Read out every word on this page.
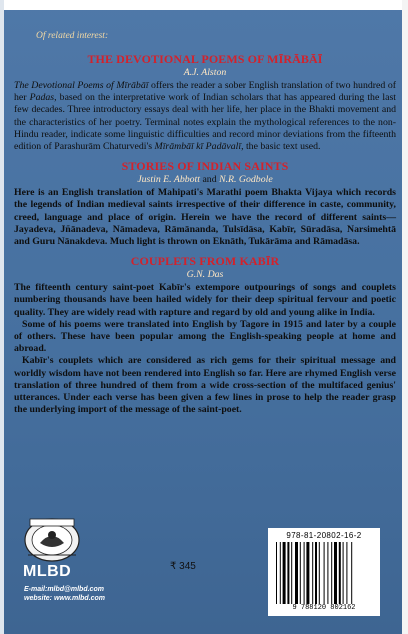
Of related interest:
THE DEVOTIONAL POEMS OF MĪRĀBĀĪ
A.J. Alston

The Devotional Poems of Mīrābāī offers the reader a sober English translation of two hundred of her Padas, based on the interpretative work of Indian scholars that has appeared during the last few decades. Three introductory essays deal with her life, her place in the Bhakti movement and the characteristics of her poetry. Terminal notes explain the mythological references to the non-Hindu reader, indicate some linguistic difficulties and record minor deviations from the fifteenth edition of Parashurām Chaturvedi's Mīrāmbāī kī Padāvalī, the basic text used.

STORIES OF INDIAN SAINTS
Justin E. Abbott and N.R. Godbole

Here is an English translation of Mahipati's Marathi poem Bhakta Vijaya which records the legends of Indian medieval saints irrespective of their difference in caste, community, creed, language and place of origin. Herein we have the record of different saints—Jayadeva, Jñānadeva, Nāmadeva, Rāmānanda, Tulsīdāsa, Kabīr, Sūradāsa, Narsimehtā and Guru Nānakdeva. Much light is thrown on Eknāth, Tukārāma and Rāmadāsa.

COUPLETS FROM KABĪR
G.N. Das

The fifteenth century saint-poet Kabīr's extempore outpourings of songs and couplets numbering thousands have been hailed widely for their deep spiritual fervour and poetic quality. They are widely read with rapture and regard by old and young alike in India.

Some of his poems were translated into English by Tagore in 1915 and later by a couple of others. These have been popular among the English-speaking people at home and abroad.

Kabīr's couplets which are considered as rich gems for their spiritual message and worldly wisdom have not been rendered into English so far. Here are rhymed English verse translation of three hundred of them from a wide cross-section of the multifaced genius' utterances. Under each verse has been given a few lines in prose to help the reader grasp the underlying import of the message of the saint-poet.

MLBD
E-mail:mlbd@mlbd.com
website: www.mlbd.com
₹ 345
978-81-20802-16-2
9 788120 802162
